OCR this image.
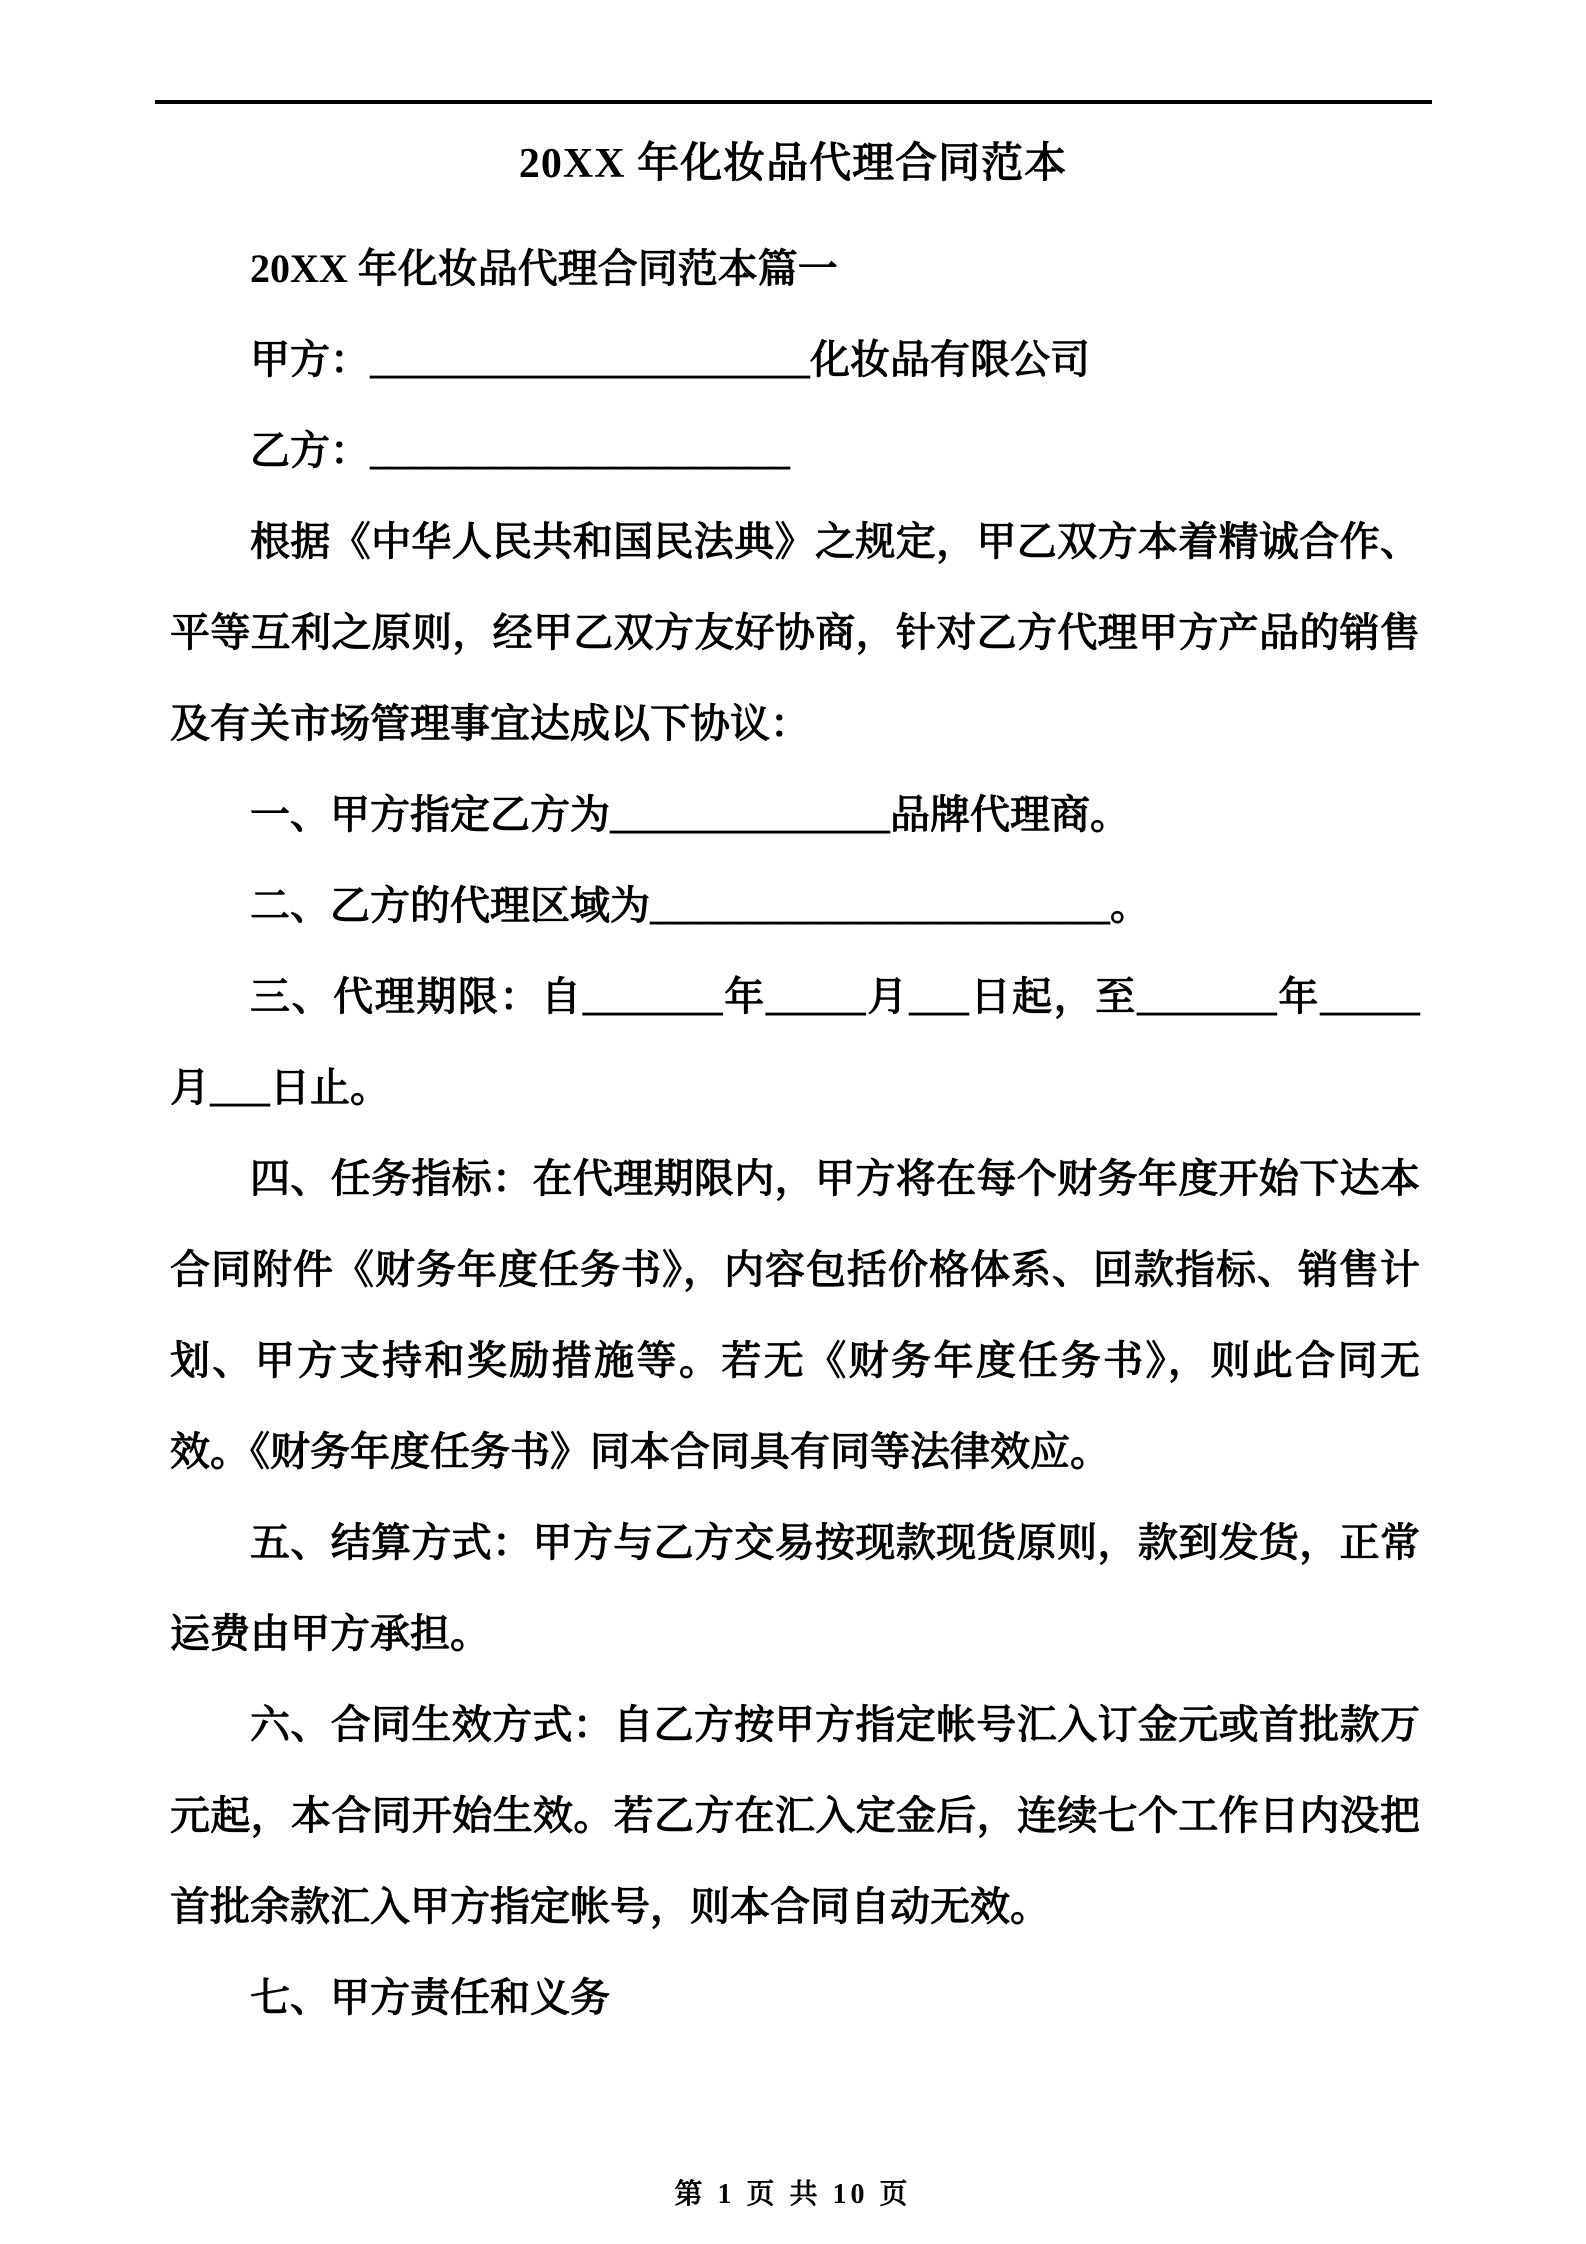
20XX 年化妆品代理合同范本

20XX 年化妆品代理合同范本篇一

甲方：______________________化妆品有限公司

乙方：_____________________

根据《中华人民共和国民法典》之规定，甲乙双方本着精诚合作、平等互利之原则，经甲乙双方友好协商，针对乙方代理甲方产品的销售及有关市场管理事宜达成以下协议：

一、甲方指定乙方为______________品牌代理商。

二、乙方的代理区域为_______________________。

三、代理期限：自_______年_____月___日起，至_______年_____月___日止。

四、任务指标：在代理期限内，甲方将在每个财务年度开始下达本合同附件《财务年度任务书》，内容包括价格体系、回款指标、销售计划、甲方支持和奖励措施等。若无《财务年度任务书》，则此合同无效。《财务年度任务书》同本合同具有同等法律效应。

五、结算方式：甲方与乙方交易按现款现货原则，款到发货，正常运费由甲方承担。

六、合同生效方式：自乙方按甲方指定帐号汇入订金元或首批款万元起，本合同开始生效。若乙方在汇入定金后，连续七个工作日内没把首批余款汇入甲方指定帐号，则本合同自动无效。

七、甲方责任和义务

第 1 页 共 10 页
